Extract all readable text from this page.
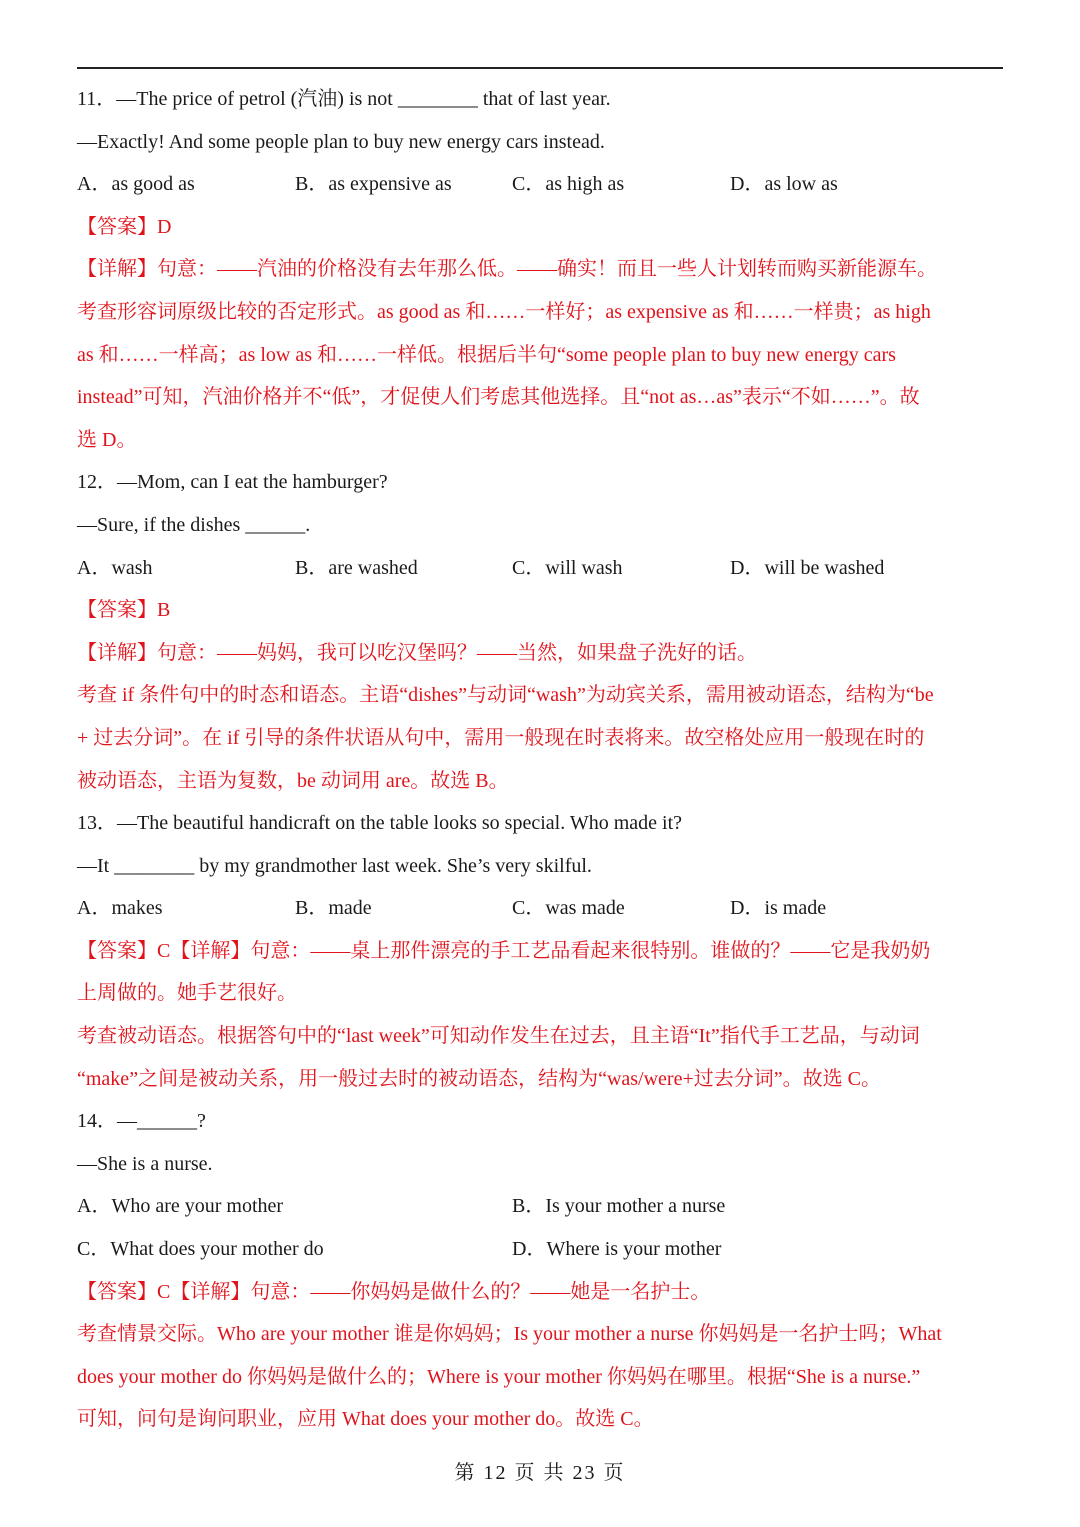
11．—The price of petrol (汽油) is not ________ that of last year.
—Exactly! And some people plan to buy new energy cars instead.
A．as good as	B．as expensive as	C．as high as	D．as low as
【答案】D
【详解】句意：——汽油的价格没有去年那么低。——确实！而且一些人计划转而购买新能源车。
考查形容词原级比较的否定形式。as good as 和……一样好；as expensive as 和……一样贵；as high
as 和……一样高；as low as 和……一样低。根据后半句“some people plan to buy new energy cars
instead”可知，汽油价格并不“低”，才促使人们考虑其他选择。且“not as…as”表示“不如……”。故
选 D。
12．—Mom, can I eat the hamburger?
—Sure, if the dishes ______.
A．wash	B．are washed	C．will wash	D．will be washed
【答案】B
【详解】句意：——妈妈，我可以吃汉堡吗？——当然，如果盘子洗好的话。
考查 if 条件句中的时态和语态。主语“dishes”与动词“wash”为动宾关系，需用被动语态，结构为“be
+ 过去分词”。在 if 引导的条件状语从句中，需用一般现在时表将来。故空格处应用一般现在时的
被动语态，主语为复数，be 动词用 are。故选 B。
13．—The beautiful handicraft on the table looks so special. Who made it?
—It ________ by my grandmother last week. She’s very skilful.
A．makes	B．made	C．was made	D．is made
【答案】C【详解】句意：——桌上那件漂亮的手工艺品看起来很特别。谁做的？——它是我奶奶
上周做的。她手艺很好。
考查被动语态。根据答句中的“last week”可知动作发生在过去，且主语“It”指代手工艺品，与动词
“make”之间是被动关系，用一般过去时的被动语态，结构为“was/were+过去分词”。故选 C。
14．—______?
—She is a nurse.
A．Who are your mother	B．Is your mother a nurse
C．What does your mother do	D．Where is your mother
【答案】C【详解】句意：——你妈妈是做什么的？——她是一名护士。
考查情景交际。Who are your mother 谁是你妈妈；Is your mother a nurse 你妈妈是一名护士吗；What
does your mother do 你妈妈是做什么的；Where is your mother 你妈妈在哪里。根据“She is a nurse.”
可知，问句是询问职业，应用 What does your mother do。故选 C。
第 12 页 共 23 页
